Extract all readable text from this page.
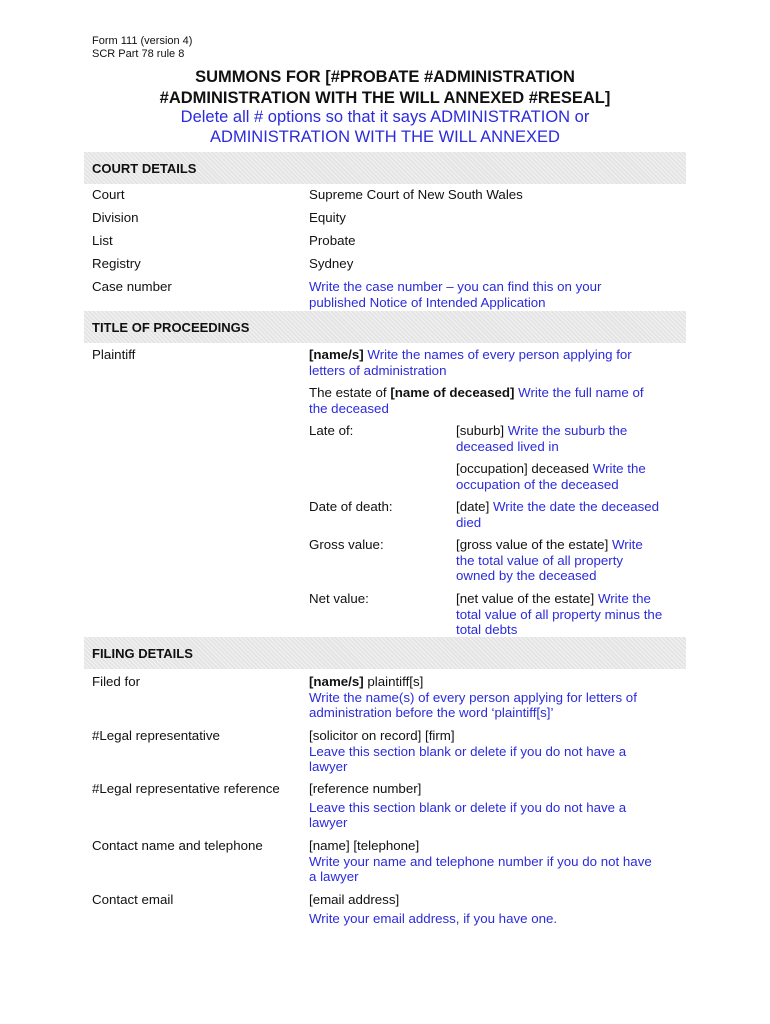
Form 111 (version 4)
SCR Part 78 rule 8
SUMMONS FOR [#PROBATE #ADMINISTRATION
#ADMINISTRATION WITH THE WILL ANNEXED #RESEAL]
Delete all # options so that it says ADMINISTRATION or
ADMINISTRATION WITH THE WILL ANNEXED
COURT DETAILS
Court	Supreme Court of New South Wales
Division	Equity
List	Probate
Registry	Sydney
Case number	Write the case number – you can find this on your
published Notice of Intended Application
TITLE OF PROCEEDINGS
Plaintiff	[name/s] Write the names of every person applying for
letters of administration
The estate of [name of deceased] Write the full name of
the deceased
Late of:	[suburb] Write the suburb the
deceased lived in
[occupation] deceased Write the
occupation of the deceased
Date of death:	[date] Write the date the deceased
died
Gross value:	[gross value of the estate] Write
the total value of all property
owned by the deceased
Net value:	[net value of the estate] Write the
total value of all property minus the
total debts
FILING DETAILS
Filed for	[name/s] plaintiff[s]
Write the name(s) of every person applying for letters of
administration before the word ‘plaintiff[s]’
#Legal representative	[solicitor on record] [firm]
Leave this section blank or delete if you do not have a
lawyer
#Legal representative reference [reference number]
Leave this section blank or delete if you do not have a
lawyer
Contact name and telephone	[name] [telephone]
Write your name and telephone number if you do not have
a lawyer
Contact email	[email address]
Write your email address, if you have one.
